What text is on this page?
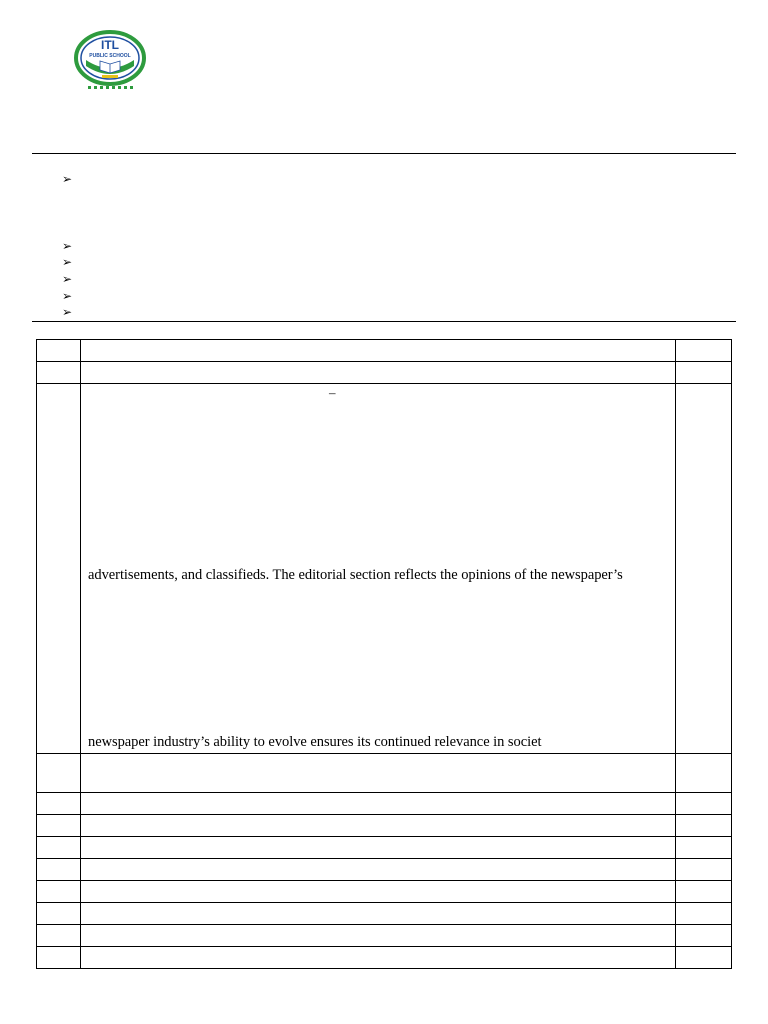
ITL
PUBLIC SCHOOL
➢
➢
➢
➢
➢
➢

	–
advertisements, and classifieds. The editorial section reflects the opinions of the newspaper’s
newspaper industry’s ability to evolve ensures its continued relevance in societ	
